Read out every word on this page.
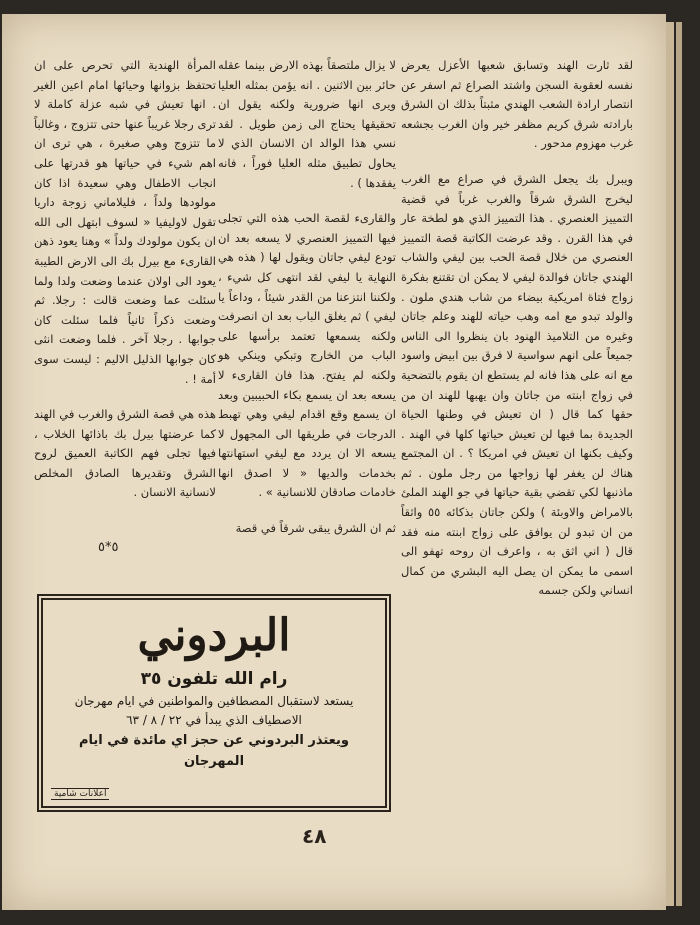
لقد ثارت الهند وتسابق شعبها الأعزل يعرض نفسه لعقوبة السجن واشتد الصراع ثم اسفر عن انتصار ارادة الشعب الهندي مثبتاً بذلك ان الشرق بارادته شرق كريم مظفر خير وان الغرب بجشعه غرب مهزوم مدحور .

ويبرل بك يجعل الشرق في صراع مع الغرب ليخرج الشرق شرقاً والغرب غرباً في قضية التمييز العنصري . هذا التمييز الذي هو لطخة عار في هذا القرن . وقد عرضت الكاتبة قصة التمييز العنصري من خلال قصة الحب بين ليفي والشاب الهندي جاتان فوالدة ليفي لا يمكن ان تقتنع بفكرة زواج فتاة امريكية بيضاء من شاب هندي ملون . والولد تبدو مع امه وهب حياته للهند وعلم جاتان وغيره من التلاميذ الهنود بان ينظروا الى الناس جميعاً على انهم سواسية لا فرق بين ابيض واسود مع انه على هذا فانه لم يستطع ان يقوم بالتضحية في زواج ابنته من جاتان وان يهبها للهند ان من حقها كما قال ( ان تعيش في وطنها الحياة الجديدة بما فيها لن تعيش حياتها كلها في الهند . وكيف بكنها ان تعيش في امريكا ؟ . ان المجتمع هناك لن يغفر لها زواجها من رجل ملون . ثم ماذنبها لكي تقضي بقية حياتها في جو الهند الملئ بالامراض والاوبئة ) ولكن جاتان بذكائه ٥٥ واثقاً من ان تبدو لن يوافق على زواج ابنته منه فقد قال ( اني اثق به ، واعرف ان روحه تهفو الى اسمى ما يمكن ان يصل اليه البشري من كمال انساني ولكن جسمه

لا يزال ملتصقاً بهذه الارض بينما عقله حائر بين الاثنين . انه يؤمن بمثله العليا ويرى انها ضرورية ولكنه يقول ان تحقيقها يحتاج الى زمن طويل . لقد نسي هذا الوالد ان الانسان الذي لا يحاول تطبيق مثله العليا فوراً ، فانه يفقدها ) .

والقارىء لقصة الحب هذه التي تجلى فيها التمييز العنصري لا يسعه بعد ان تودع ليفي جاتان ويقول لها ( هذه هي النهاية يا ليفي لقد انتهى كل شيء ، ولكننا انتزعنا من القدر شيئاً ، وداعاً يا ليفي ) ثم يغلق الباب بعد ان انصرفت ولكنه يسمعها تعتمد برأسها على الباب من الخارج وتبكي وينكي هو ولكنه لم يفتح. هذا فان القارىء لا يسعه بعد ان يسمع بكاء الحبيبين وبعد ان يسمع وقع اقدام ليفي وهي تهبط الدرجات في طريقها الى المجهول لا يسعه الا ان يردد مع ليفي استهانتها بخدمات والديها « لا اصدق انها خادمات صادقان للانسانية » .

ثم ان الشرق يبقى شرقاً في قصة

المرأة الهندية التي تحرص على ان تحتفظ بزوانها وحيائها امام اعين الغير . انها تعيش في شبه عزلة كاملة لا ترى رجلا غريباً عنها حتى تتزوج ، وغالباً ما تتزوج وهي صغيرة ، هي ترى ان اهم شيء في حياتها هو قدرتها على انجاب الاطفال وهي سعيدة اذا كان مولودها ولداً ، فليلاماني زوجة داريا تقول لاوليفيا « لسوف ابتهل الى الله ان يكون مولودك ولداً » وهنا يعود ذهن القارىء مع بيرل بك الى الارض الطيبة يعود الى اولان عندما وضعت ولدا ولما سئلت عما وضعت قالت : رجلا. ثم وضعت ذكراً ثانياً فلما سئلت كان جوابها . رجلا آخر . فلما وضعت انثى كان جوابها الذليل الاليم : ليست سوى أمة ! .

هذه هي قصة الشرق والغرب في الهند كما عرضتها بيرل بك باذائها الخلاب ، فيها تجلى فهم الكاتبة العميق لروح الشرق وتقديرها الصادق المخلص لانسانية الانسان .

٥*٥
البردوني
رام الله تلفون ٣٥
يستعد لاستقبال المصطافين والمواطنين في ايام مهرجان الاصطياف الذي يبدأ في ٢٢ / ٨ / ٦٣
ويعتذر البردوني عن حجز اي مائدة في ايام المهرجان
اعلانات شامية
٤٨
